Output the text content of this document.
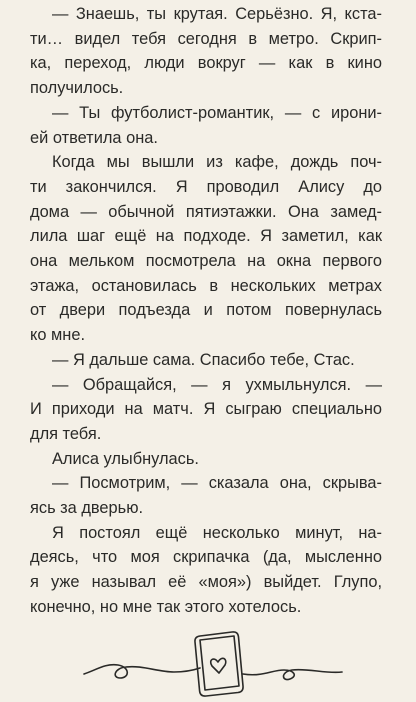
— Знаешь, ты крутая. Серьёзно. Я, кста-
ти… видел тебя сегодня в метро. Скрип-
ка, переход, люди вокруг — как в кино
получилось.
— Ты футболист-романтик, — с ирони-
ей ответила она.
Когда мы вышли из кафе, дождь поч-
ти закончился. Я проводил Алису до
дома — обычной пятиэтажки. Она замед-
лила шаг ещё на подходе. Я заметил, как
она мельком посмотрела на окна первого
этажа, остановилась в нескольких метрах
от двери подъезда и потом повернулась
ко мне.
— Я дальше сама. Спасибо тебе, Стас.
— Обращайся, — я ухмыльнулся. —
И приходи на матч. Я сыграю специально
для тебя.
Алиса улыбнулась.
— Посмотрим, — сказала она, скрыва-
ясь за дверью.
Я постоял ещё несколько минут, на-
деясь, что моя скрипачка (да, мысленно
я уже называл её «моя») выйдет. Глупо,
конечно, но мне так этого хотелось.
